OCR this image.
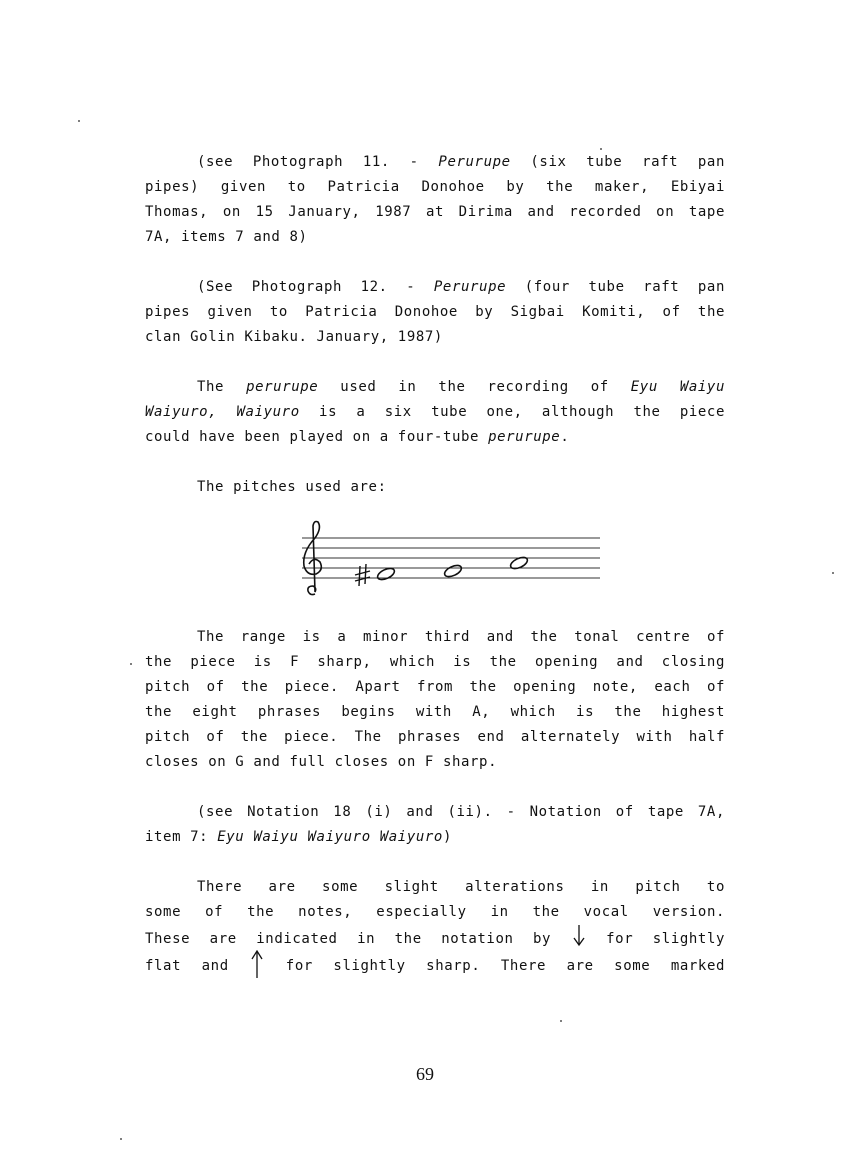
(see Photograph 11. - Perurupe (six tube raft pan
pipes) given to Patricia Donohoe by the maker, Ebiyai
Thomas, on 15 January, 1987 at Dirima and recorded on tape
7A, items 7 and 8)
(See Photograph 12. - Perurupe (four tube raft pan
pipes given to Patricia Donohoe by Sigbai Komiti, of the
clan Golin Kibaku. January, 1987)
The perurupe used in the recording of Eyu Waiyu
Waiyuro, Waiyuro is a six tube one, although the piece
could have been played on a four-tube perurupe.
The pitches used are:
The range is a minor third and the tonal centre of
the piece is F sharp, which is the opening and closing
pitch of the piece. Apart from the opening note, each of
the eight phrases begins with A, which is the highest
pitch of the piece. The phrases end alternately with half
closes on G and full closes on F sharp.
(see Notation 18 (i) and (ii). - Notation of tape 7A,
item 7: Eyu Waiyu Waiyuro Waiyuro)
There are some slight alterations in pitch to
some of the notes, especially in the vocal version.
These are indicated in the notation by	for slightly
flat and	for slightly sharp. There are some marked
69
